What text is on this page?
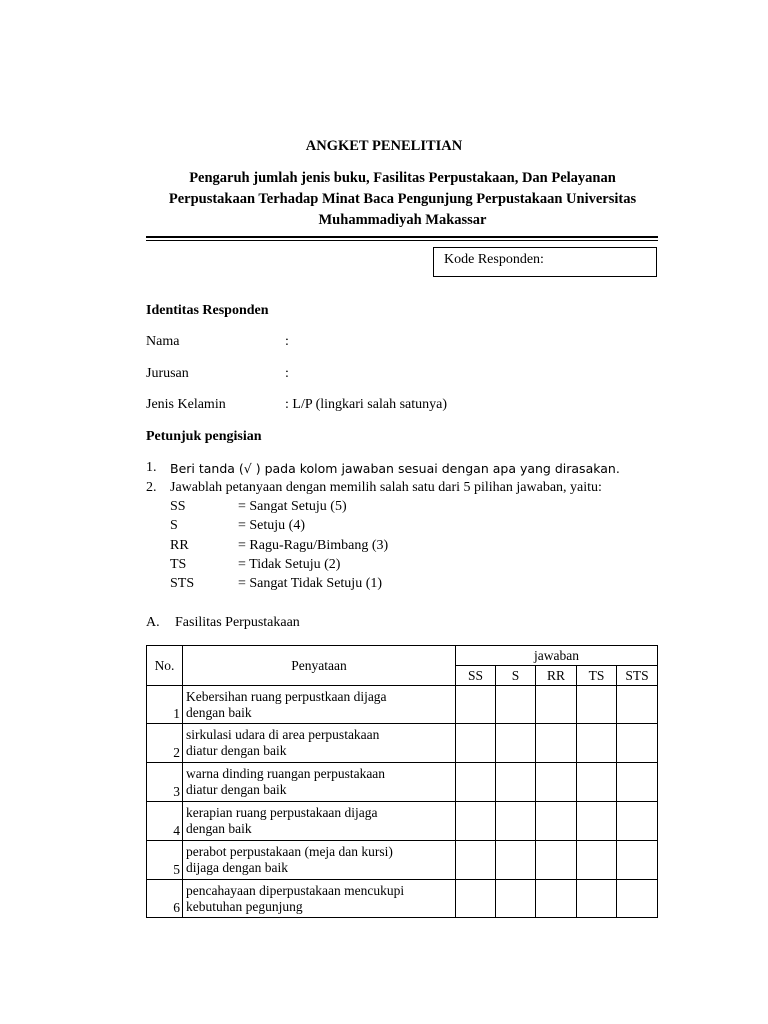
ANGKET PENELITIAN
Pengaruh jumlah jenis buku, Fasilitas Perpustakaan, Dan Pelayanan
Perpustakaan Terhadap Minat Baca Pengunjung Perpustakaan Universitas
Muhammadiyah Makassar
Kode Responden:
Identitas Responden
Nama	:
Jurusan	:
Jenis Kelamin	: L/P (lingkari salah satunya)
Petunjuk pengisian
1. Beri tanda (√ ) pada kolom jawaban sesuai dengan apa yang dirasakan.
2. Jawablah petanyaan dengan memilih salah satu dari 5 pilihan jawaban, yaitu:
SS	= Sangat Setuju (5)
S	= Setuju (4)
RR	= Ragu-Ragu/Bimbang (3)
TS	= Tidak Setuju (2)
STS	= Sangat Tidak Setuju (1)
A. Fasilitas Perpustakaan
No.	Penyataan	jawaban				
		SS	S	RR	TS	STS
1	Kebersihan ruang perpustkaan dijaga
dengan baik					

2	sirkulasi udara di area perpustakaan
diatur dengan baik					

3	warna dinding ruangan perpustakaan
diatur dengan baik					

4	kerapian ruang perpustakaan dijaga
dengan baik					

5	perabot perpustakaan (meja dan kursi)
dijaga dengan baik					

6	pencahayaan diperpustakaan mencukupi
kebutuhan pegunjung					
